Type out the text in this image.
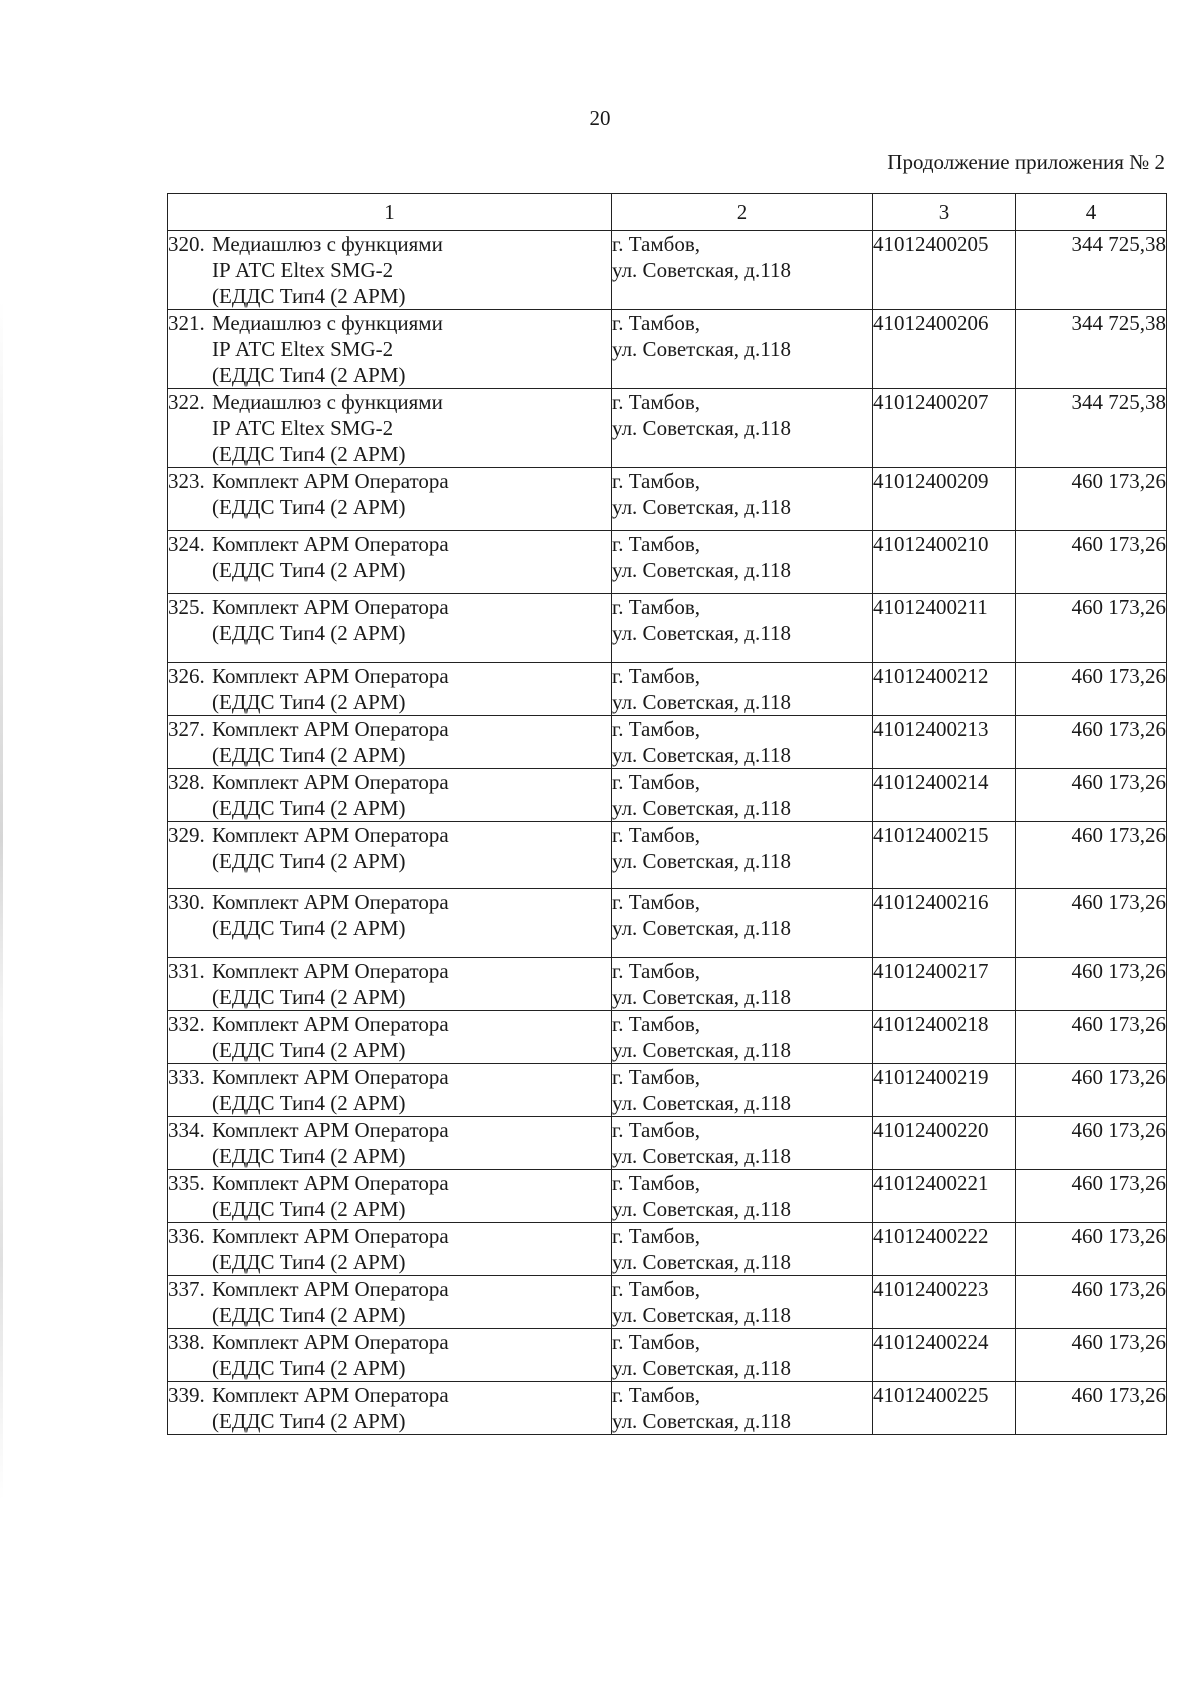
20
Продолжение приложения № 2
1	2	3	4

320. Медиашлюз с функциями
IP АТС Eltex SMG-2
(ЕДДС Тип4 (2 АРМ)	г. Тамбов,
ул. Советская, д.118	41012400205	344 725,38

321. Медиашлюз с функциями
IP АТС Eltex SMG-2
(ЕДДС Тип4 (2 АРМ)	г. Тамбов,
ул. Советская, д.118	41012400206	344 725,38

322. Медиашлюз с функциями
IP АТС Eltex SMG-2
(ЕДДС Тип4 (2 АРМ)	г. Тамбов,
ул. Советская, д.118	41012400207	344 725,38

323. Комплект АРМ Оператора
(ЕДДС Тип4 (2 АРМ)	г. Тамбов,
ул. Советская, д.118	41012400209	460 173,26

324. Комплект АРМ Оператора
(ЕДДС Тип4 (2 АРМ)	г. Тамбов,
ул. Советская, д.118	41012400210	460 173,26

325. Комплект АРМ Оператора
(ЕДДС Тип4 (2 АРМ)	г. Тамбов,
ул. Советская, д.118	41012400211	460 173,26

326. Комплект АРМ Оператора
(ЕДДС Тип4 (2 АРМ)	г. Тамбов,
ул. Советская, д.118	41012400212	460 173,26

327. Комплект АРМ Оператора
(ЕДДС Тип4 (2 АРМ)	г. Тамбов,
ул. Советская, д.118	41012400213	460 173,26

328. Комплект АРМ Оператора
(ЕДДС Тип4 (2 АРМ)	г. Тамбов,
ул. Советская, д.118	41012400214	460 173,26

329. Комплект АРМ Оператора
(ЕДДС Тип4 (2 АРМ)	г. Тамбов,
ул. Советская, д.118	41012400215	460 173,26

330. Комплект АРМ Оператора
(ЕДДС Тип4 (2 АРМ)	г. Тамбов,
ул. Советская, д.118	41012400216	460 173,26

331. Комплект АРМ Оператора
(ЕДДС Тип4 (2 АРМ)	г. Тамбов,
ул. Советская, д.118	41012400217	460 173,26

332. Комплект АРМ Оператора
(ЕДДС Тип4 (2 АРМ)	г. Тамбов,
ул. Советская, д.118	41012400218	460 173,26

333. Комплект АРМ Оператора
(ЕДДС Тип4 (2 АРМ)	г. Тамбов,
ул. Советская, д.118	41012400219	460 173,26

334. Комплект АРМ Оператора
(ЕДДС Тип4 (2 АРМ)	г. Тамбов,
ул. Советская, д.118	41012400220	460 173,26

335. Комплект АРМ Оператора
(ЕДДС Тип4 (2 АРМ)	г. Тамбов,
ул. Советская, д.118	41012400221	460 173,26

336. Комплект АРМ Оператора
(ЕДДС Тип4 (2 АРМ)	г. Тамбов,
ул. Советская, д.118	41012400222	460 173,26

337. Комплект АРМ Оператора
(ЕДДС Тип4 (2 АРМ)	г. Тамбов,
ул. Советская, д.118	41012400223	460 173,26

338. Комплект АРМ Оператора
(ЕДДС Тип4 (2 АРМ)	г. Тамбов,
ул. Советская, д.118	41012400224	460 173,26

339. Комплект АРМ Оператора
(ЕДДС Тип4 (2 АРМ)	г. Тамбов,
ул. Советская, д.118	41012400225	460 173,26
